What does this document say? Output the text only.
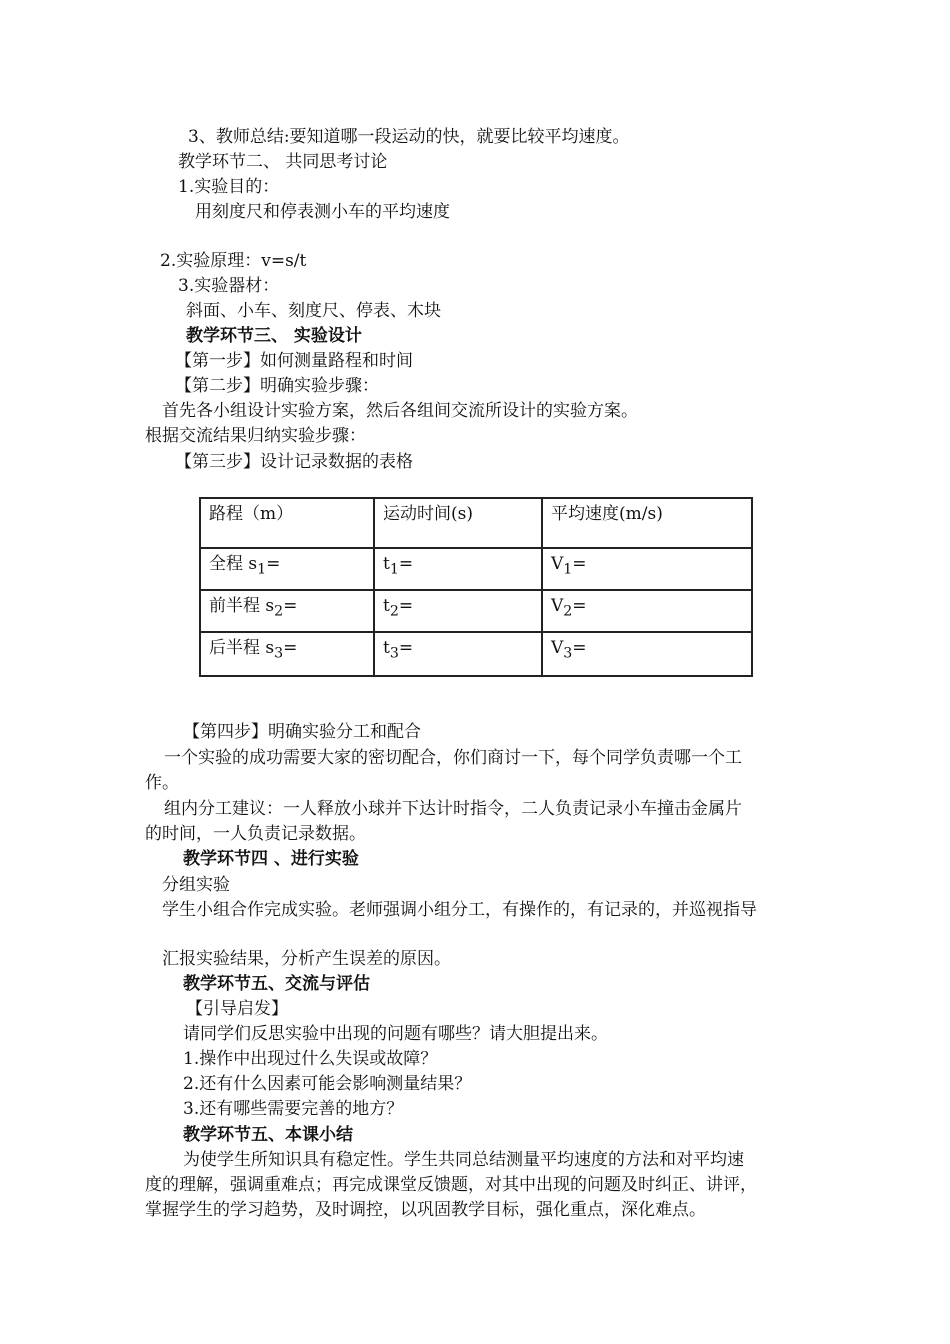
3、教师总结:要知道哪一段运动的快，就要比较平均速度。
教学环节二、 共同思考讨论
1.实验目的：
用刻度尺和停表测小车的平均速度
2.实验原理：v=s/t
3.实验器材：
斜面、小车、刻度尺、停表、木块
教学环节三、 实验设计
【第一步】如何测量路程和时间
【第二步】明确实验步骤：
首先各小组设计实验方案，然后各组间交流所设计的实验方案。
根据交流结果归纳实验步骤：
【第三步】设计记录数据的表格
路程（m）	运动时间(s)	平均速度(m/s)
全程 $s_1=$	$t_1=$	$V_1=$
前半程 $s_2=$	$t_2=$	$V_2=$
后半程 $s_3=$	$t_3=$	$V_3=$
【第四步】明确实验分工和配合
一个实验的成功需要大家的密切配合，你们商讨一下，每个同学负责哪一个工
作。
组内分工建议：一人释放小球并下达计时指令，二人负责记录小车撞击金属片
的时间，一人负责记录数据。
教学环节四 、进行实验
分组实验
学生小组合作完成实验。老师强调小组分工，有操作的，有记录的，并巡视指导
汇报实验结果，分析产生误差的原因。
教学环节五、交流与评估
【引导启发】
请同学们反思实验中出现的问题有哪些？请大胆提出来。
1.操作中出现过什么失误或故障？
2.还有什么因素可能会影响测量结果？
3.还有哪些需要完善的地方？
教学环节五、本课小结
为使学生所知识具有稳定性。学生共同总结测量平均速度的方法和对平均速
度的理解，强调重难点；再完成课堂反馈题，对其中出现的问题及时纠正、讲评，
掌握学生的学习趋势，及时调控，以巩固教学目标，强化重点，深化难点。
